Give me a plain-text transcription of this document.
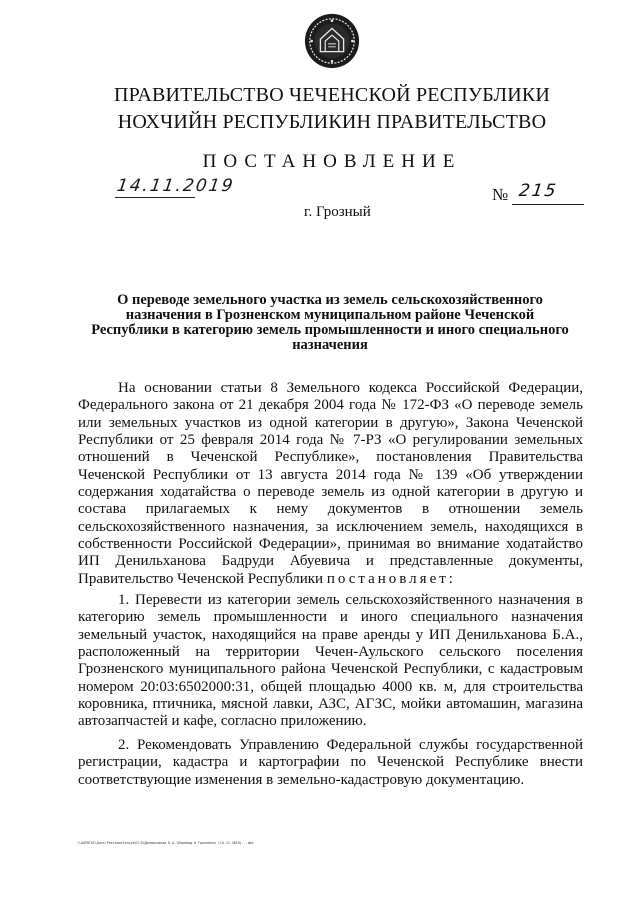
ПРАВИТЕЛЬСТВО ЧЕЧЕНСКОЙ РЕСПУБЛИКИ
НОХЧИЙН РЕСПУБЛИКИН ПРАВИТЕЛЬСТВО
ПОСТАНОВЛЕНИЕ
14.11.2019	№ 215
г. Грозный
О переводе земельного участка из земель сельскохозяйственного назначения в Грозненском муниципальном районе Чеченской Республики в категорию земель промышленности и иного специального назначения
На основании статьи 8 Земельного кодекса Российской Федерации, Федерального закона от 21 декабря 2004 года № 172-ФЗ «О переводе земель или земельных участков из одной категории в другую», Закона Чеченской Республики от 25 февраля 2014 года № 7-РЗ «О регулировании земельных отношений в Чеченской Республике», постановления Правительства Чеченской Республики от 13 августа 2014 года № 139 «Об утверждении содержания ходатайства о переводе земель из одной категории в другую и состава прилагаемых к нему документов в отношении земель сельскохозяйственного назначения, за исключением земель, находящихся в собственности Российской Федерации», принимая во внимание ходатайство ИП Денильханова Бадруди Абуевича и представленные документы, Правительство Чеченской Республики постановляет:
1. Перевести из категории земель сельскохозяйственного назначения в категорию земель промышленности и иного специального назначения земельный участок, находящийся на праве аренды у ИП Денильханова Б.А., расположенный на территории Чечен-Аульского сельского поселения Грозненского муниципального района Чеченской Республики, с кадастровым номером 20:03:6502000:31, общей площадью 4000 кв. м, для строительства коровника, птичника, мясной лавки, АЗС, АГЗС, мойки автомашин, магазина автозапчастей и кафе, согласно приложению.
2. Рекомендовать Управлению Федеральной службы государственной регистрации, кадастра и картографии по Чеченской Республике внести соответствующие изменения в земельно-кадастровую документацию.
\\AUPOTOI\Docs\Postanovleniya\П.О\Денильханов Б.А.\Перевод в Грозненск (14.11.2019)...doc
